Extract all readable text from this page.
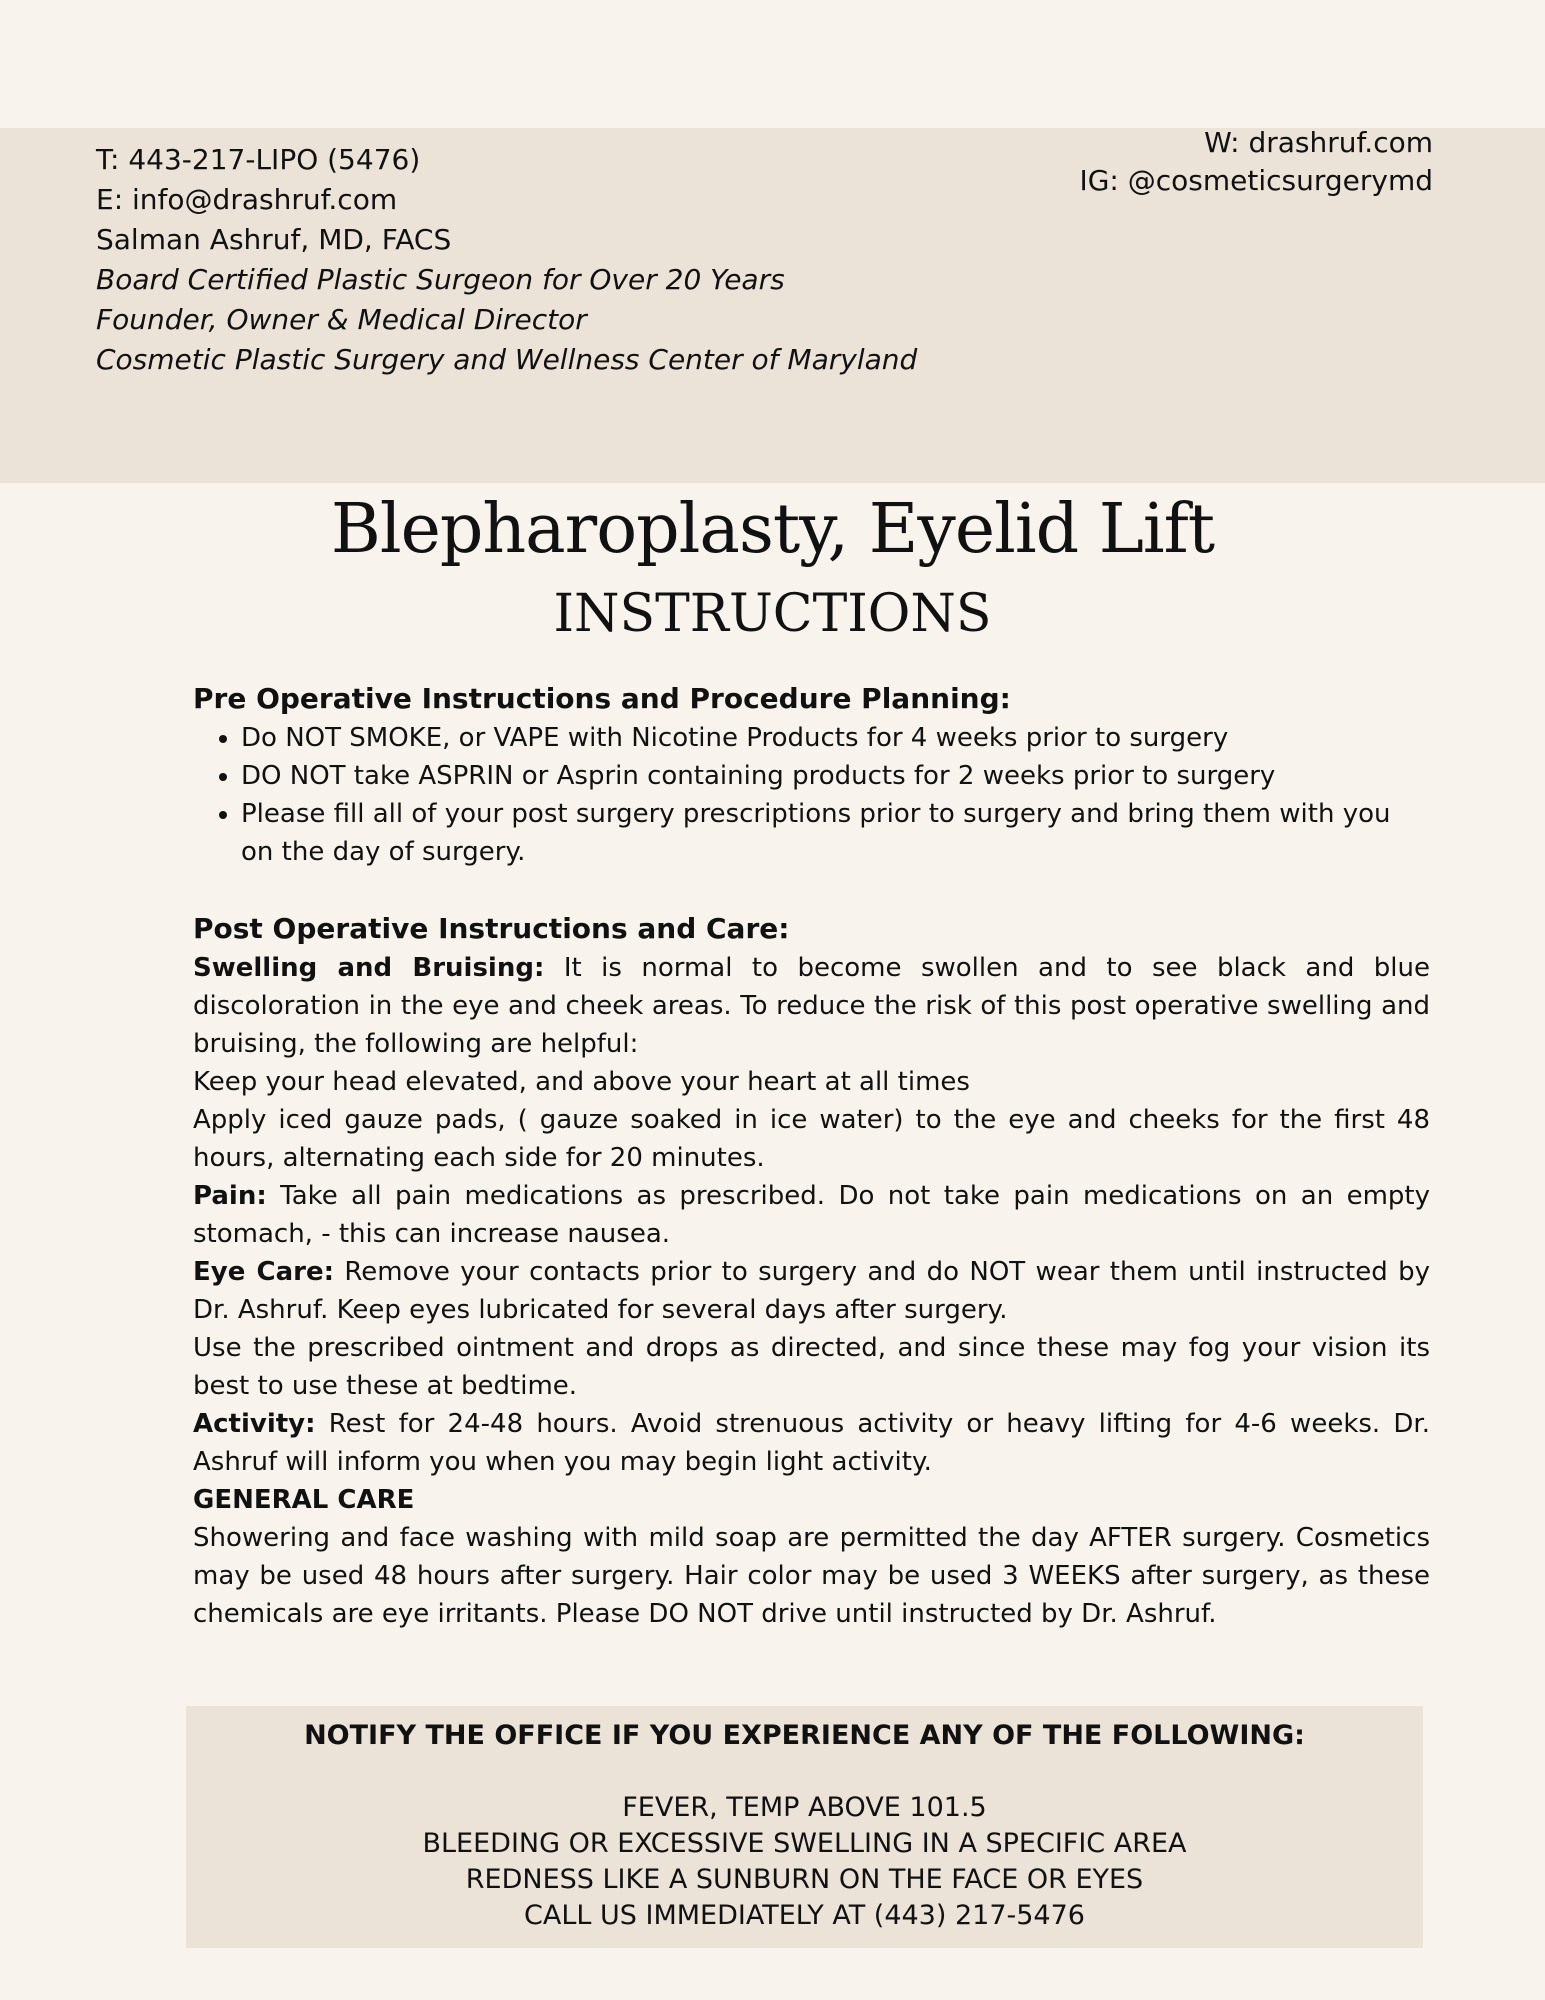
T: 443-217-LIPO (5476)
E: info@drashruf.com
Salman Ashruf, MD, FACS
Board Certified Plastic Surgeon for Over 20 Years
Founder, Owner & Medical Director
Cosmetic Plastic Surgery and Wellness Center of Maryland
W: drashruf.com
IG: @cosmeticsurgerymd
Blepharoplasty, Eyelid Lift
INSTRUCTIONS

Pre Operative Instructions and Procedure Planning:

• Do NOT SMOKE, or VAPE with Nicotine Products for 4 weeks prior to surgery
• DO NOT take ASPRIN or Asprin containing products for 2 weeks prior to surgery
• Please fill all of your post surgery prescriptions prior to surgery and bring them with you on the day of surgery.

Post Operative Instructions and Care:

Swelling and Bruising: It is normal to become swollen and to see black and blue discoloration in the eye and cheek areas. To reduce the risk of this post operative swelling and bruising, the following are helpful:

Keep your head elevated, and above your heart at all times

Apply iced gauze pads, ( gauze soaked in ice water) to the eye and cheeks for the first 48 hours, alternating each side for 20 minutes.

Pain: Take all pain medications as prescribed. Do not take pain medications on an empty stomach, - this can increase nausea.

Eye Care: Remove your contacts prior to surgery and do NOT wear them until instructed by Dr. Ashruf. Keep eyes lubricated for several days after surgery.

Use the prescribed ointment and drops as directed, and since these may fog your vision its best to use these at bedtime.

Activity: Rest for 24-48 hours. Avoid strenuous activity or heavy lifting for 4-6 weeks. Dr. Ashruf will inform you when you may begin light activity.

GENERAL CARE

Showering and face washing with mild soap are permitted the day AFTER surgery. Cosmetics may be used 48 hours after surgery. Hair color may be used 3 WEEKS after surgery, as these chemicals are eye irritants. Please DO NOT drive until instructed by Dr. Ashruf.

NOTIFY THE OFFICE IF YOU EXPERIENCE ANY OF THE FOLLOWING:
FEVER, TEMP ABOVE 101.5
BLEEDING OR EXCESSIVE SWELLING IN A SPECIFIC AREA
REDNESS LIKE A SUNBURN ON THE FACE OR EYES
CALL US IMMEDIATELY AT (443) 217-5476
